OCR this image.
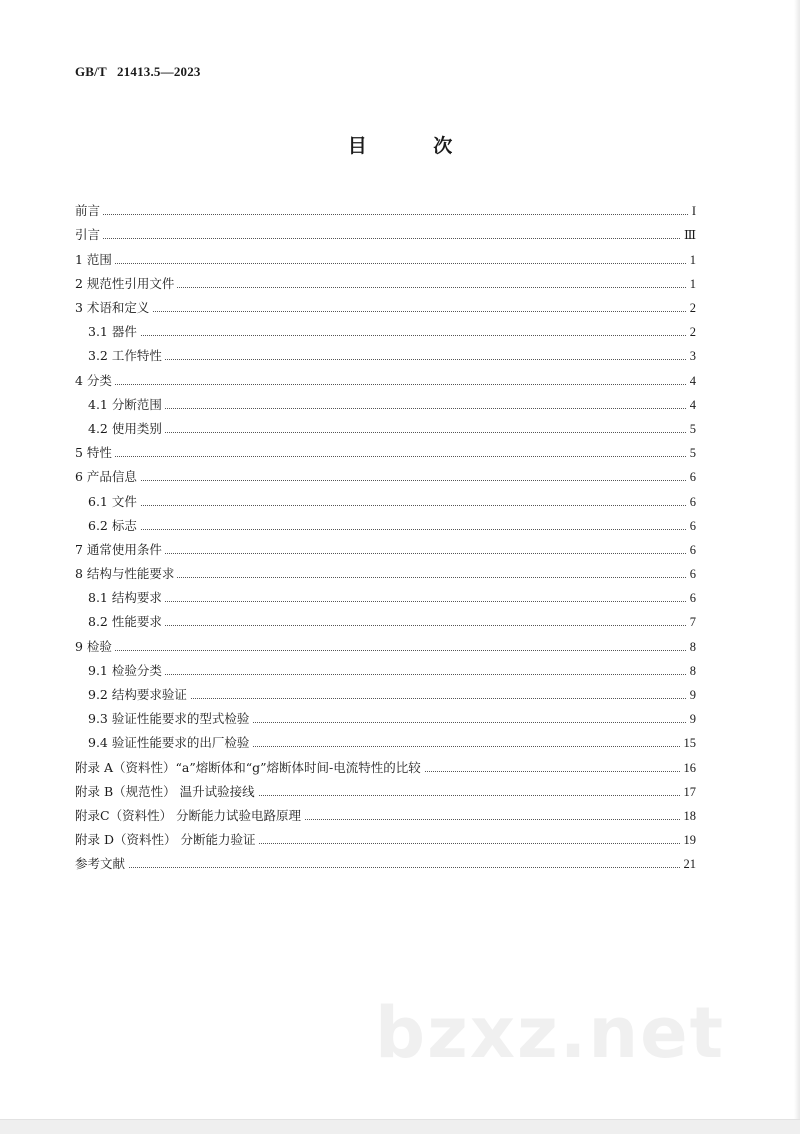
GB/T   21413.5—2023
目 次
前言	I
引言	Ⅲ
1 范围	1
2 规范性引用文件	1
3 术语和定义	2
3.1 器件	2
3.2 工作特性	3
4 分类	4
4.1 分断范围	4
4.2 使用类别	5
5 特性	5
6 产品信息	6
6.1 文件	6
6.2 标志	6
7 通常使用条件	6
8 结构与性能要求	6
8.1 结构要求	6
8.2 性能要求	7
9 检验	8
9.1 检验分类	8
9.2 结构要求验证	9
9.3 验证性能要求的型式检验	9
9.4 验证性能要求的出厂检验	15
附录 A（资料性）“a”熔断体和“g”熔断体时间-电流特性的比较	16
附录 B（规范性） 温升试验接线	17
附录C（资料性） 分断能力试验电路原理	18
附录 D（资料性） 分断能力验证	19
参考文献	21
bzxz.net
